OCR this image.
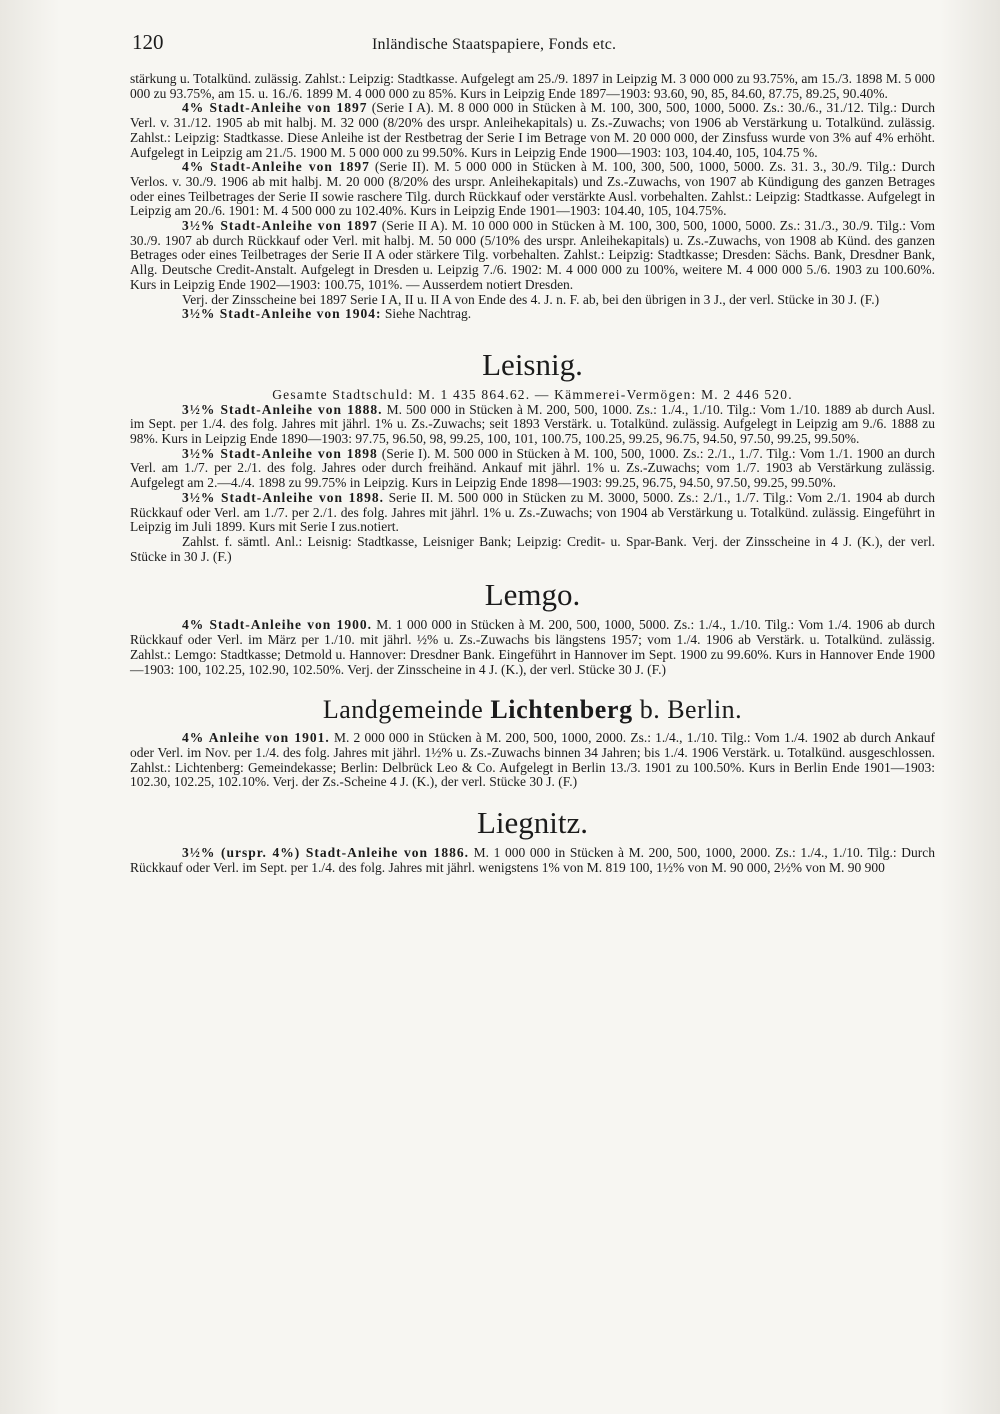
120	Inländische Staatspapiere, Fonds etc.

stärkung u. Totalkünd. zulässig. Zahlst.: Leipzig: Stadtkasse. Aufgelegt am 25./9. 1897 in Leipzig M. 3 000 000 zu 93.75%, am 15./3. 1898 M. 5 000 000 zu 93.75%, am 15. u. 16./6. 1899 M. 4 000 000 zu 85%. Kurs in Leipzig Ende 1897—1903: 93.60, 90, 85, 84.60, 87.75, 89.25, 90.40%.

4% Stadt-Anleihe von 1897 (Serie I A). M. 8 000 000 in Stücken à M. 100, 300, 500, 1000, 5000. Zs.: 30./6., 31./12. Tilg.: Durch Verl. v. 31./12. 1905 ab mit halbj. M. 32 000 (8/20% des urspr. Anleihekapitals) u. Zs.-Zuwachs; von 1906 ab Verstärkung u. Totalkünd. zulässig. Zahlst.: Leipzig: Stadtkasse. Diese Anleihe ist der Restbetrag der Serie I im Betrage von M. 20 000 000, der Zinsfuss wurde von 3% auf 4% erhöht. Aufgelegt in Leipzig am 21./5. 1900 M. 5 000 000 zu 99.50%. Kurs in Leipzig Ende 1900—1903: 103, 104.40, 105, 104.75 %.

4% Stadt-Anleihe von 1897 (Serie II). M. 5 000 000 in Stücken à M. 100, 300, 500, 1000, 5000. Zs. 31. 3., 30./9. Tilg.: Durch Verlos. v. 30./9. 1906 ab mit halbj. M. 20 000 (8/20% des urspr. Anleihekapitals) und Zs.-Zuwachs, von 1907 ab Kündigung des ganzen Betrages oder eines Teilbetrages der Serie II sowie raschere Tilg. durch Rückkauf oder verstärkte Ausl. vorbehalten. Zahlst.: Leipzig: Stadtkasse. Aufgelegt in Leipzig am 20./6. 1901: M. 4 500 000 zu 102.40%. Kurs in Leipzig Ende 1901—1903: 104.40, 105, 104.75%.

3½% Stadt-Anleihe von 1897 (Serie II A). M. 10 000 000 in Stücken à M. 100, 300, 500, 1000, 5000. Zs.: 31./3., 30./9. Tilg.: Vom 30./9. 1907 ab durch Rückkauf oder Verl. mit halbj. M. 50 000 (5/10% des urspr. Anleihekapitals) u. Zs.-Zuwachs, von 1908 ab Künd. des ganzen Betrages oder eines Teilbetrages der Serie II A oder stärkere Tilg. vorbehalten. Zahlst.: Leipzig: Stadtkasse; Dresden: Sächs. Bank, Dresdner Bank, Allg. Deutsche Credit-Anstalt. Aufgelegt in Dresden u. Leipzig 7./6. 1902: M. 4 000 000 zu 100%, weitere M. 4 000 000 5./6. 1903 zu 100.60%. Kurs in Leipzig Ende 1902—1903: 100.75, 101%. — Ausserdem notiert Dresden.

Verj. der Zinsscheine bei 1897 Serie I A, II u. II A von Ende des 4. J. n. F. ab, bei den übrigen in 3 J., der verl. Stücke in 30 J. (F.)

3½% Stadt-Anleihe von 1904: Siehe Nachtrag.

Leisnig.

Gesamte Stadtschuld: M. 1 435 864.62. — Kämmerei-Vermögen: M. 2 446 520.

3½% Stadt-Anleihe von 1888. M. 500 000 in Stücken à M. 200, 500, 1000. Zs.: 1./4., 1./10. Tilg.: Vom 1./10. 1889 ab durch Ausl. im Sept. per 1./4. des folg. Jahres mit jährl. 1% u. Zs.-Zuwachs; seit 1893 Verstärk. u. Totalkünd. zulässig. Aufgelegt in Leipzig am 9./6. 1888 zu 98%. Kurs in Leipzig Ende 1890—1903: 97.75, 96.50, 98, 99.25, 100, 101, 100.75, 100.25, 99.25, 96.75, 94.50, 97.50, 99.25, 99.50%.

3½% Stadt-Anleihe von 1898 (Serie I). M. 500 000 in Stücken à M. 100, 500, 1000. Zs.: 2./1., 1./7. Tilg.: Vom 1./1. 1900 an durch Verl. am 1./7. per 2./1. des folg. Jahres oder durch freihänd. Ankauf mit jährl. 1% u. Zs.-Zuwachs; vom 1./7. 1903 ab Verstärkung zulässig. Aufgelegt am 2.—4./4. 1898 zu 99.75% in Leipzig. Kurs in Leipzig Ende 1898—1903: 99.25, 96.75, 94.50, 97.50, 99.25, 99.50%.

3½% Stadt-Anleihe von 1898. Serie II. M. 500 000 in Stücken zu M. 3000, 5000. Zs.: 2./1., 1./7. Tilg.: Vom 2./1. 1904 ab durch Rückkauf oder Verl. am 1./7. per 2./1. des folg. Jahres mit jährl. 1% u. Zs.-Zuwachs; von 1904 ab Verstärkung u. Totalkünd. zulässig. Eingeführt in Leipzig im Juli 1899. Kurs mit Serie I zus.notiert.

Zahlst. f. sämtl. Anl.: Leisnig: Stadtkasse, Leisniger Bank; Leipzig: Credit- u. Spar-Bank. Verj. der Zinsscheine in 4 J. (K.), der verl. Stücke in 30 J. (F.)

Lemgo.

4% Stadt-Anleihe von 1900. M. 1 000 000 in Stücken à M. 200, 500, 1000, 5000. Zs.: 1./4., 1./10. Tilg.: Vom 1./4. 1906 ab durch Rückkauf oder Verl. im März per 1./10. mit jährl. ½% u. Zs.-Zuwachs bis längstens 1957; vom 1./4. 1906 ab Verstärk. u. Totalkünd. zulässig. Zahlst.: Lemgo: Stadtkasse; Detmold u. Hannover: Dresdner Bank. Eingeführt in Hannover im Sept. 1900 zu 99.60%. Kurs in Hannover Ende 1900—1903: 100, 102.25, 102.90, 102.50%. Verj. der Zinsscheine in 4 J. (K.), der verl. Stücke 30 J. (F.)

Landgemeinde Lichtenberg b. Berlin.

4% Anleihe von 1901. M. 2 000 000 in Stücken à M. 200, 500, 1000, 2000. Zs.: 1./4., 1./10. Tilg.: Vom 1./4. 1902 ab durch Ankauf oder Verl. im Nov. per 1./4. des folg. Jahres mit jährl. 1½% u. Zs.-Zuwachs binnen 34 Jahren; bis 1./4. 1906 Verstärk. u. Totalkünd. ausgeschlossen. Zahlst.: Lichtenberg: Gemeindekasse; Berlin: Delbrück Leo & Co. Aufgelegt in Berlin 13./3. 1901 zu 100.50%. Kurs in Berlin Ende 1901—1903: 102.30, 102.25, 102.10%. Verj. der Zs.-Scheine 4 J. (K.), der verl. Stücke 30 J. (F.)

Liegnitz.

3½% (urspr. 4%) Stadt-Anleihe von 1886. M. 1 000 000 in Stücken à M. 200, 500, 1000, 2000. Zs.: 1./4., 1./10. Tilg.: Durch Rückkauf oder Verl. im Sept. per 1./4. des folg. Jahres mit jährl. wenigstens 1% von M. 819 100, 1½% von M. 90 000, 2½% von M. 90 900
